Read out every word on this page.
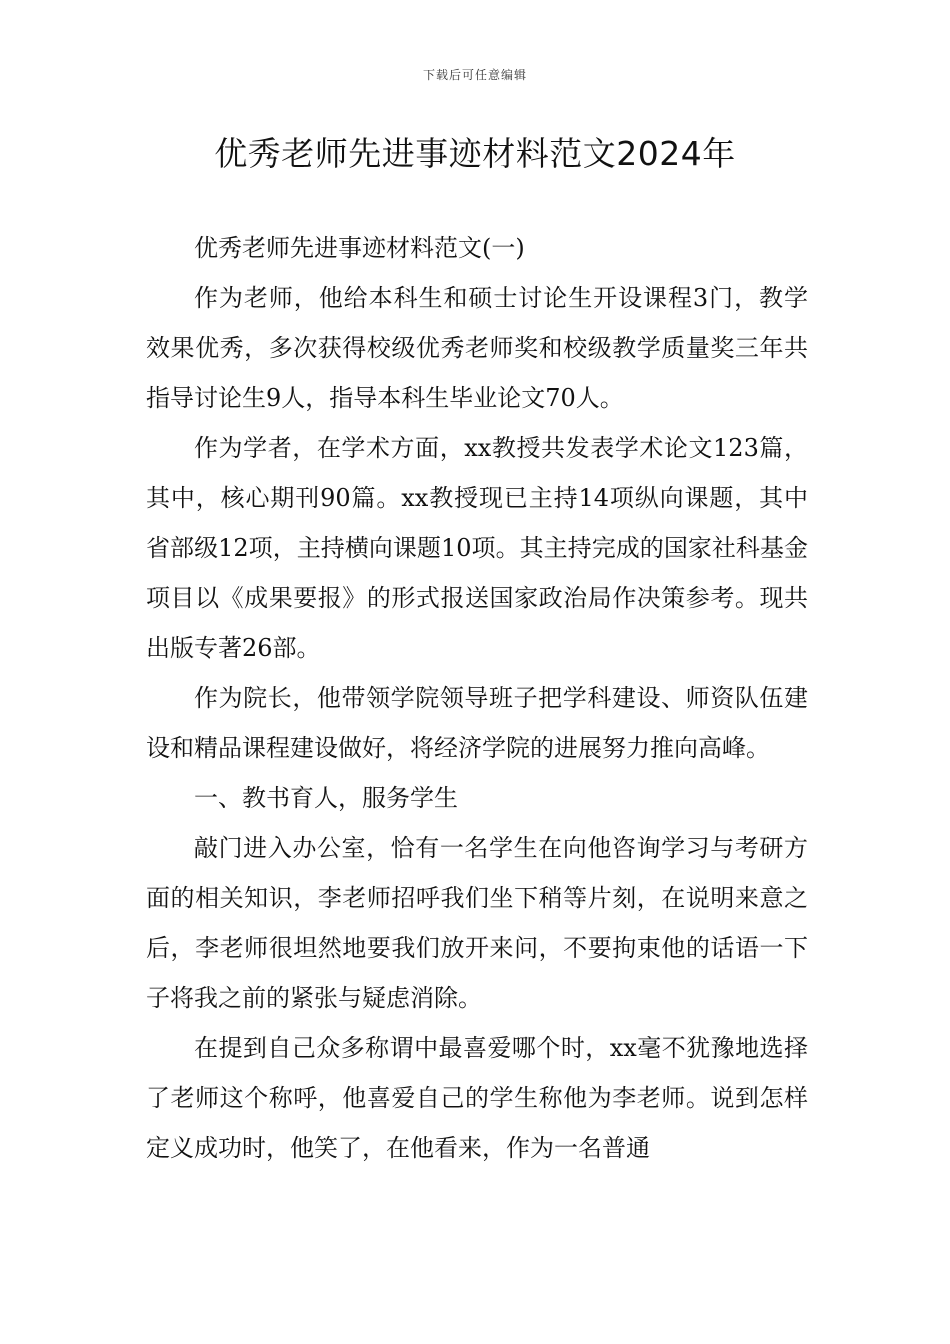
下载后可任意编辑
优秀老师先进事迹材料范文2024年

优秀老师先进事迹材料范文(一)

作为老师，他给本科生和硕士讨论生开设课程3门，教学效果优秀，多次获得校级优秀老师奖和校级教学质量奖三年共指导讨论生9人，指导本科生毕业论文70人。

作为学者，在学术方面，xx教授共发表学术论文123篇，其中，核心期刊90篇。xx教授现已主持14项纵向课题，其中省部级12项，主持横向课题10项。其主持完成的国家社科基金项目以《成果要报》的形式报送国家政治局作决策参考。现共出版专著26部。

作为院长，他带领学院领导班子把学科建设、师资队伍建设和精品课程建设做好，将经济学院的进展努力推向高峰。

一、教书育人，服务学生

敲门进入办公室，恰有一名学生在向他咨询学习与考研方面的相关知识，李老师招呼我们坐下稍等片刻，在说明来意之后，李老师很坦然地要我们放开来问，不要拘束他的话语一下子将我之前的紧张与疑虑消除。

在提到自己众多称谓中最喜爱哪个时，xx毫不犹豫地选择了老师这个称呼，他喜爱自己的学生称他为李老师。说到怎样定义成功时，他笑了，在他看来，作为一名普通
